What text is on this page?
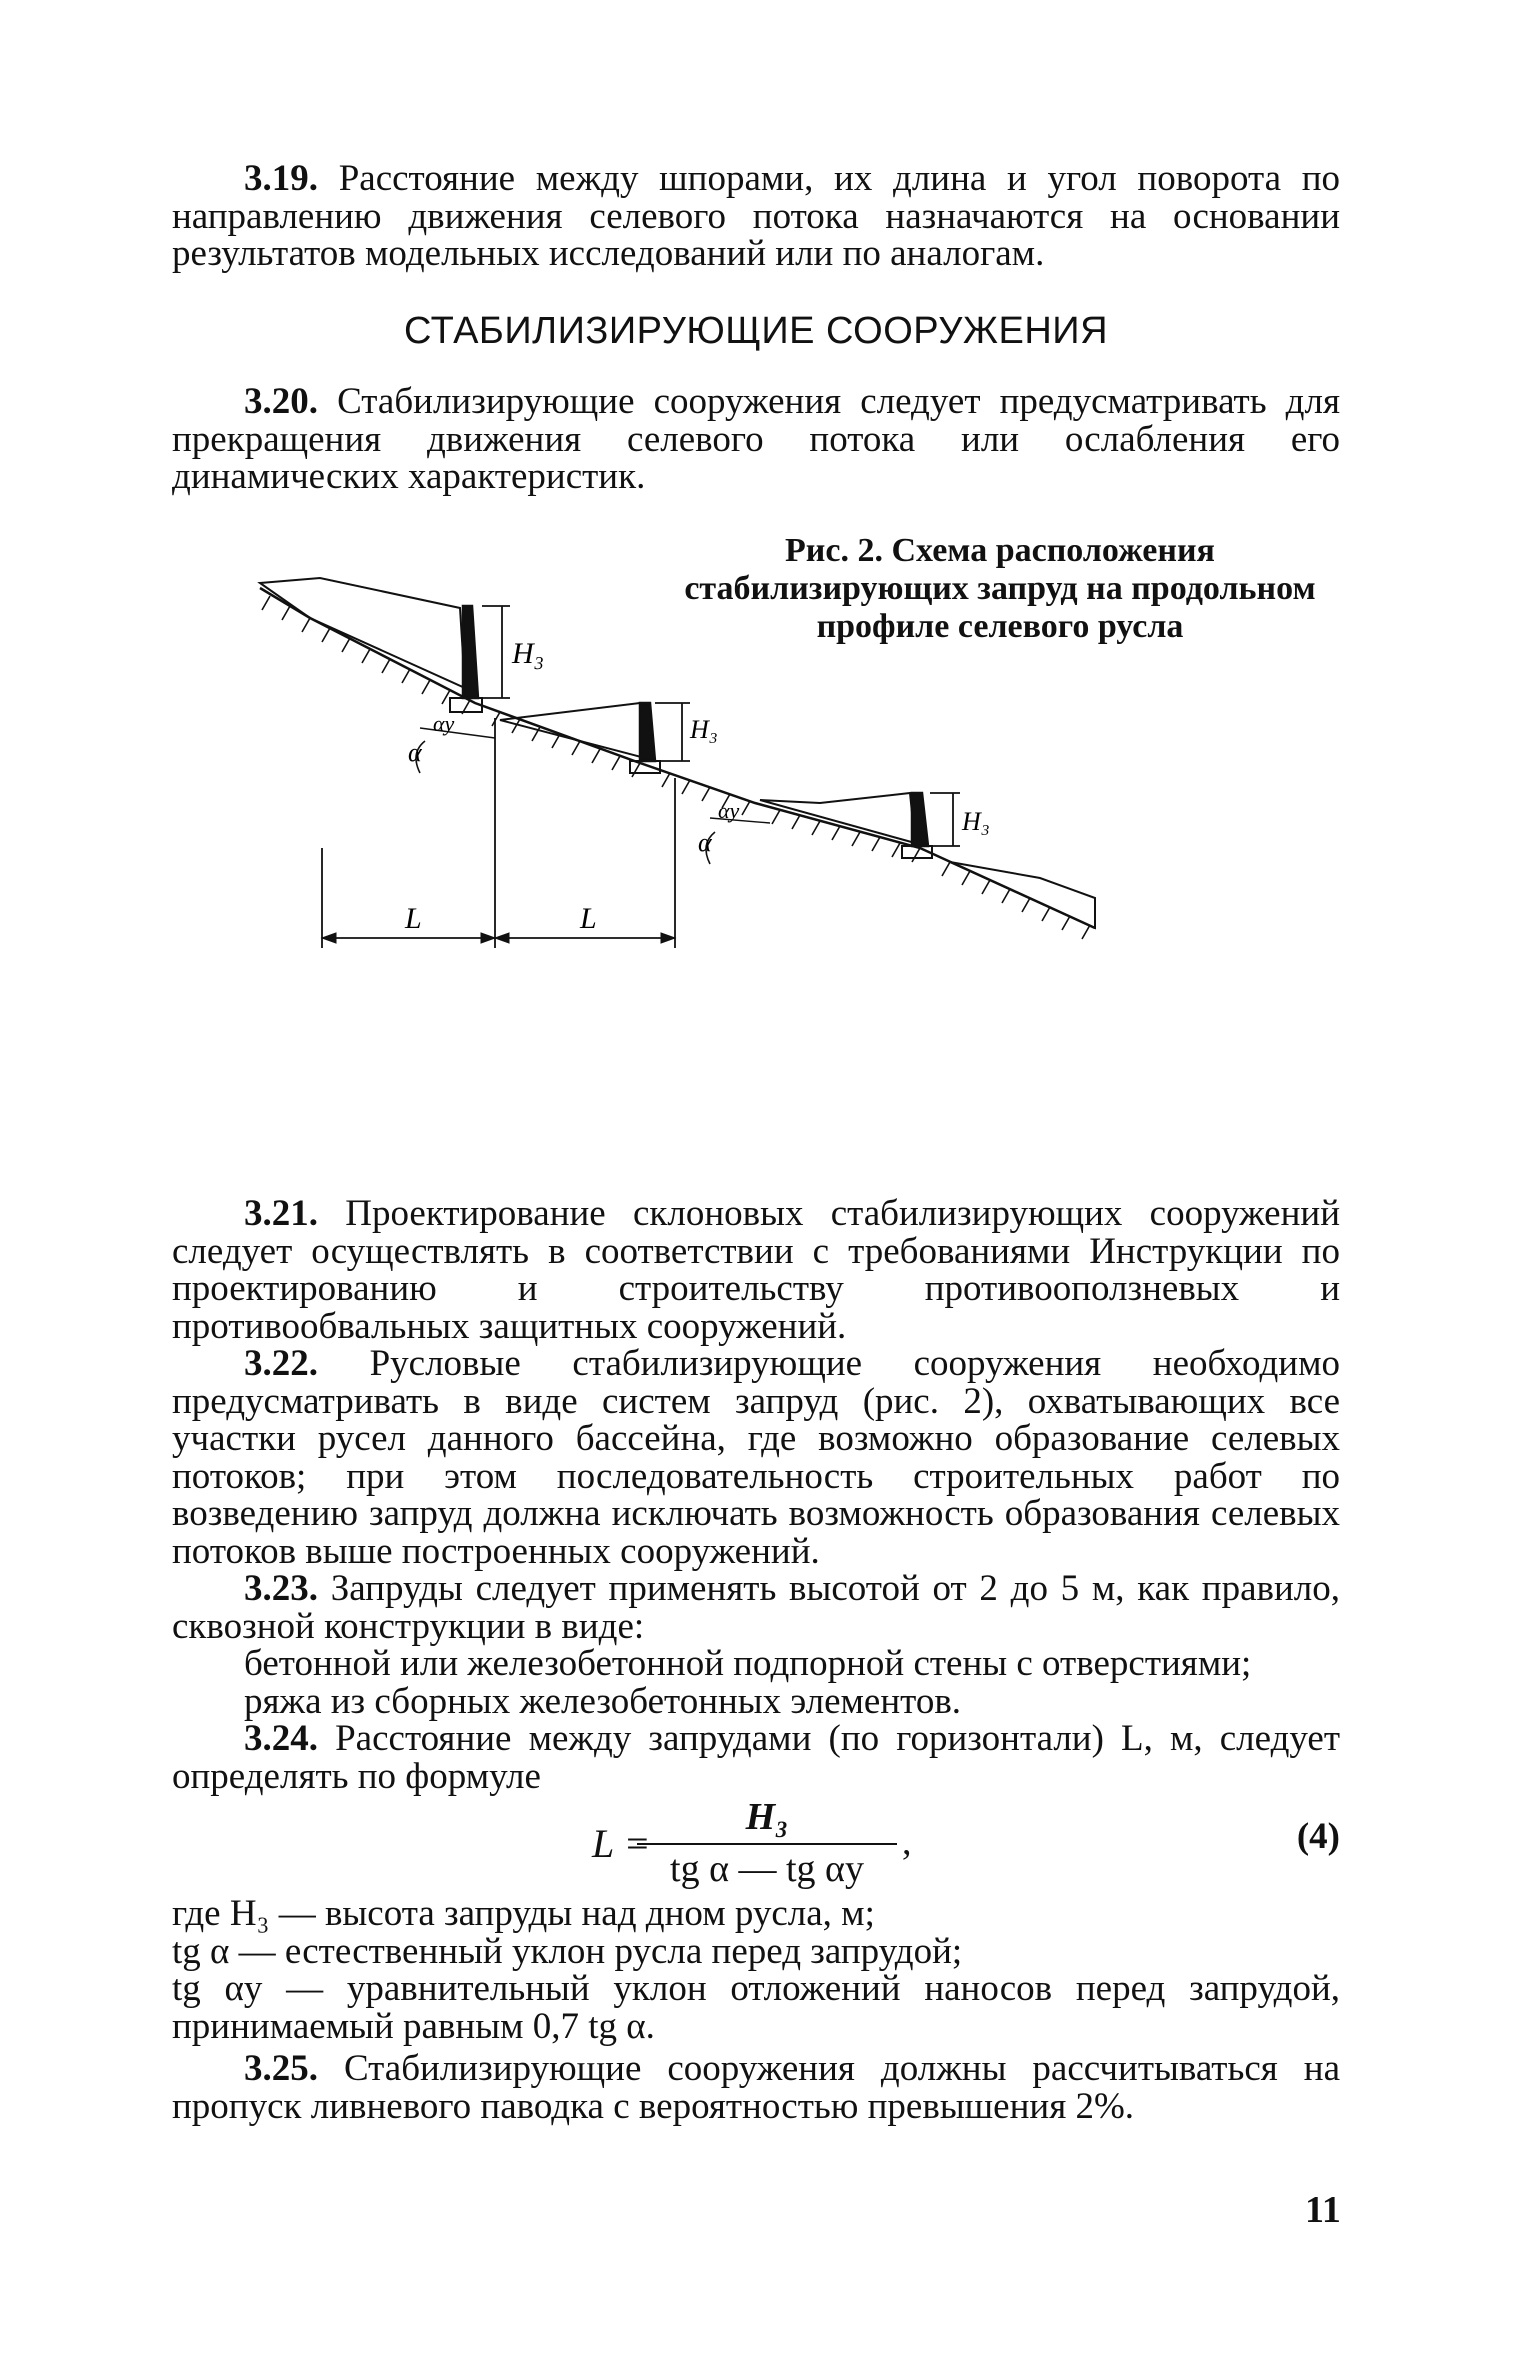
3.19. Расстояние между шпорами, их длина и угол поворота по направлению движения селевого потока назначаются на основании результатов модельных исследований или по аналогам.

СТАБИЛИЗИРУЮЩИЕ СООРУЖЕНИЯ

3.20. Стабилизирующие сооружения следует предусматривать для прекращения движения селевого потока или ослабления его динамических характеристик.

Рис. 2. Схема расположения стабилизирующих запруд на продольном профиле селевого русла
H₃
H₃
H₃
L	L
α
α
αу
αу

3.21. Проектирование склоновых стабилизирующих сооружений следует осуществлять в соответствии с требованиями Инструкции по проектированию и строительству противооползневых и противообвальных защитных сооружений.

3.22. Русловые стабилизирующие сооружения необходимо предусматривать в виде систем запруд (рис. 2), охватывающих все участки русел данного бассейна, где возможно образование селевых потоков; при этом последовательность строительных работ по возведению запруд должна исключать возможность образования селевых потоков выше построенных сооружений.

3.23. Запруды следует применять высотой от 2 до 5 м, как правило, сквозной конструкции в виде:

бетонной или железобетонной подпорной стены с отверстиями;

ряжа из сборных железобетонных элементов.

3.24. Расстояние между запрудами (по горизонтали) L, м, следует определять по формуле

L =
H₃
tg α — tg αу
,	(4)

где H₃ — высота запруды над дном русла, м;

tg α — естественный уклон русла перед запрудой;

tg αу — уравнительный уклон отложений наносов перед запрудой, принимаемый равным 0,7 tg α.

3.25. Стабилизирующие сооружения должны рассчитываться на пропуск ливневого паводка с вероятностью превышения 2%.

11
